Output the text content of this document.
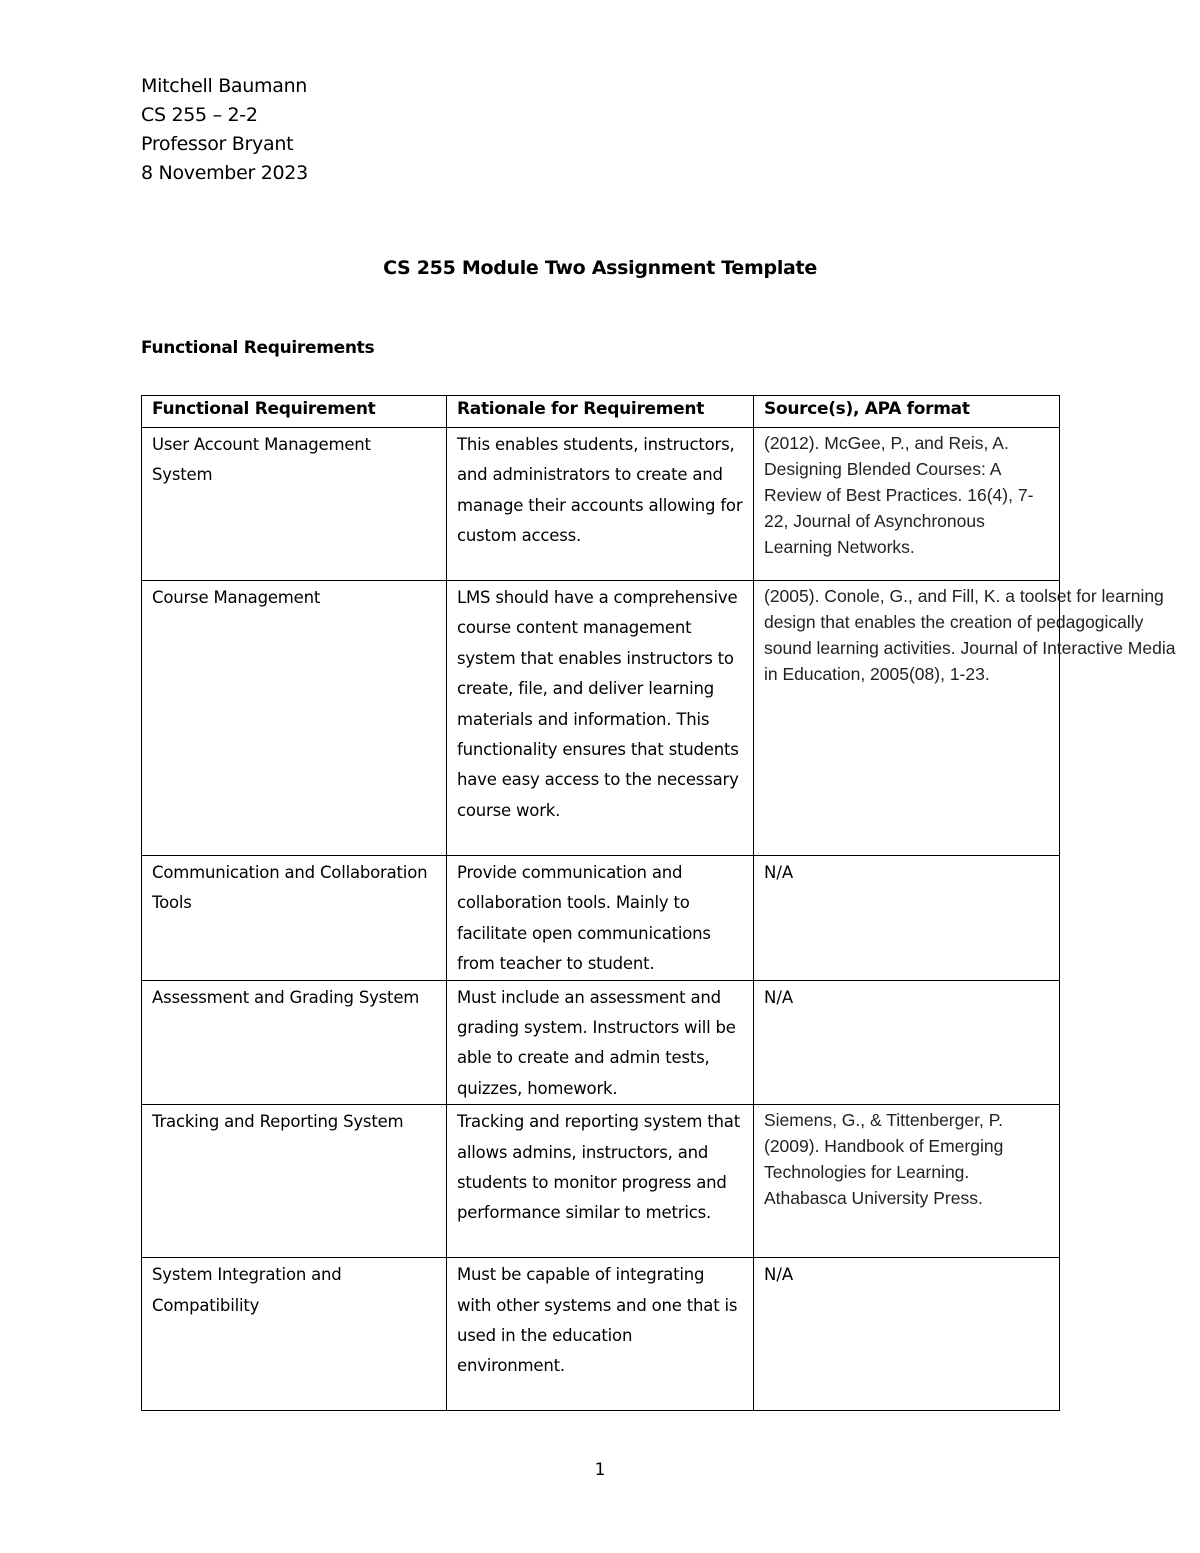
Mitchell Baumann
CS 255 – 2-2
Professor Bryant
8 November 2023
CS 255 Module Two Assignment Template
Functional Requirements
Functional Requirement	Rationale for Requirement	Source(s), APA format
User Account Management System	This enables students, instructors, and administrators to create and manage their accounts allowing for custom access.	(2012). McGee, P., and Reis, A. Designing Blended Courses: A Review of Best Practices. 16(4), 7-22, Journal of Asynchronous Learning Networks.
Course Management	LMS should have a comprehensive course content management system that enables instructors to create, file, and deliver learning materials and information. This functionality ensures that students have easy access to the necessary course work.	(2005). Conole, G., and Fill, K. a toolset for learning design that enables the creation of pedagogically sound learning activities. Journal of Interactive Media in Education, 2005(08), 1-23.

Communication and Collaboration Tools	Provide communication and collaboration tools. Mainly to facilitate open communications from teacher to student.	N/A
Assessment and Grading System	Must include an assessment and grading system. Instructors will be able to create and admin tests, quizzes, homework.	N/A
Tracking and Reporting System	Tracking and reporting system that allows admins, instructors, and students to monitor progress and performance similar to metrics.	Siemens, G., & Tittenberger, P. (2009). Handbook of Emerging Technologies for Learning. Athabasca University Press.
System Integration and Compatibility	Must be capable of integrating with other systems and one that is used in the education environment.	N/A
1
